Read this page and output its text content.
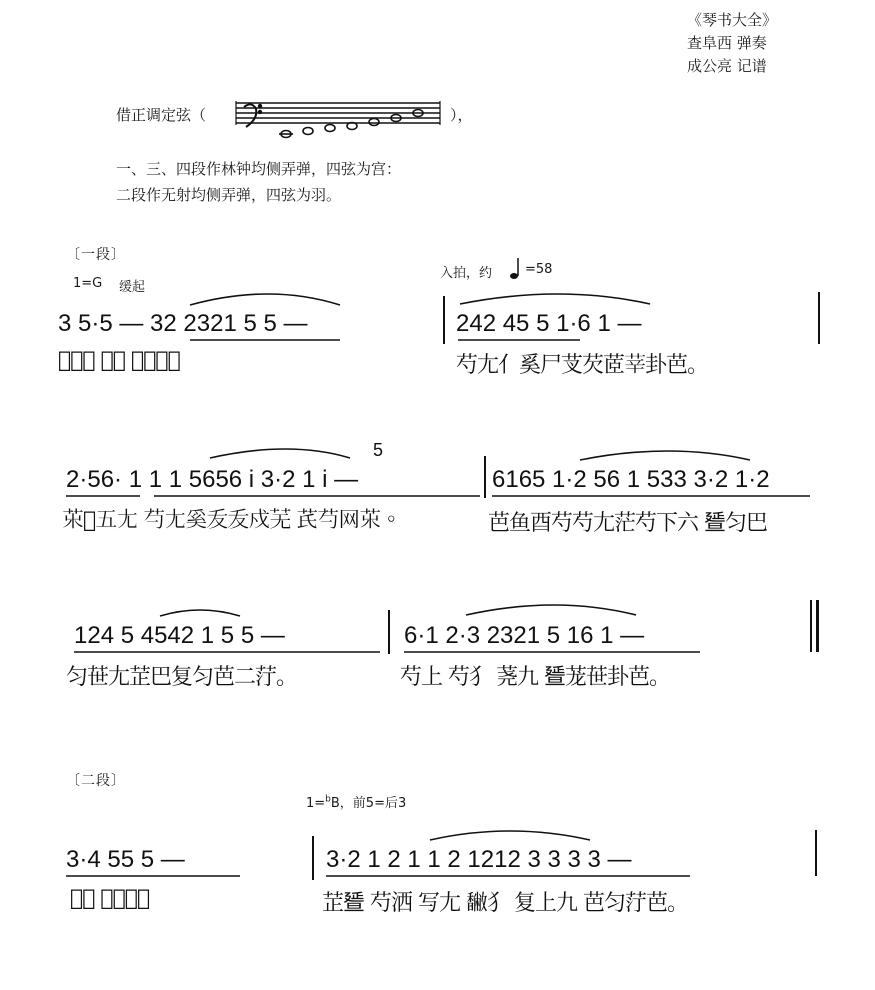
《琴书大全》
查阜西 弹奏
成公亮 记谱
借正调定弦（	），
一、三、四段作林钟均侧弄弹，四弦为宫：
二段作无射均侧弄弹，四弦为羽。
〔一段〕
1=G 缓起
入拍，约	=58
3 5·5 — 32 2321 5 5 —
𪞶㽷芍 𪟖𣅣 芭𦭑芍。
242 45 5 1·6 1 —
芍尢亻奚尸芆芡茝𦭱卦芭。
5
2·56· 1 1 1 5656 i 3·2 1 i —
𦬝𦭕五尢 芍尢奚叐叐戍芜 芪芍网𦬝。
6165 1·2 56 1 533 3·2 1·2
芭鱼酉芍芍尢茫芍下六 𣇇匀巴
124 5 4542 1 5 5 —
匀𦭓尢𦭒巴复匀芭二𦭑。
6·1 2·3 2321 5 16 1 —
芍上 芍犭 荛九 𣇇茏𦭓卦芭。
〔二段〕
1=$^b$B，前5=后3
3·4 55 5 —
𪞶芍 芭𦭑芭。
3·2 1 2 1 1 2 1212 3 3 3 3 —
𦭒𣇇 芍洒 写尢 𩡡犭 复上九 芭匀𦭑芭。
